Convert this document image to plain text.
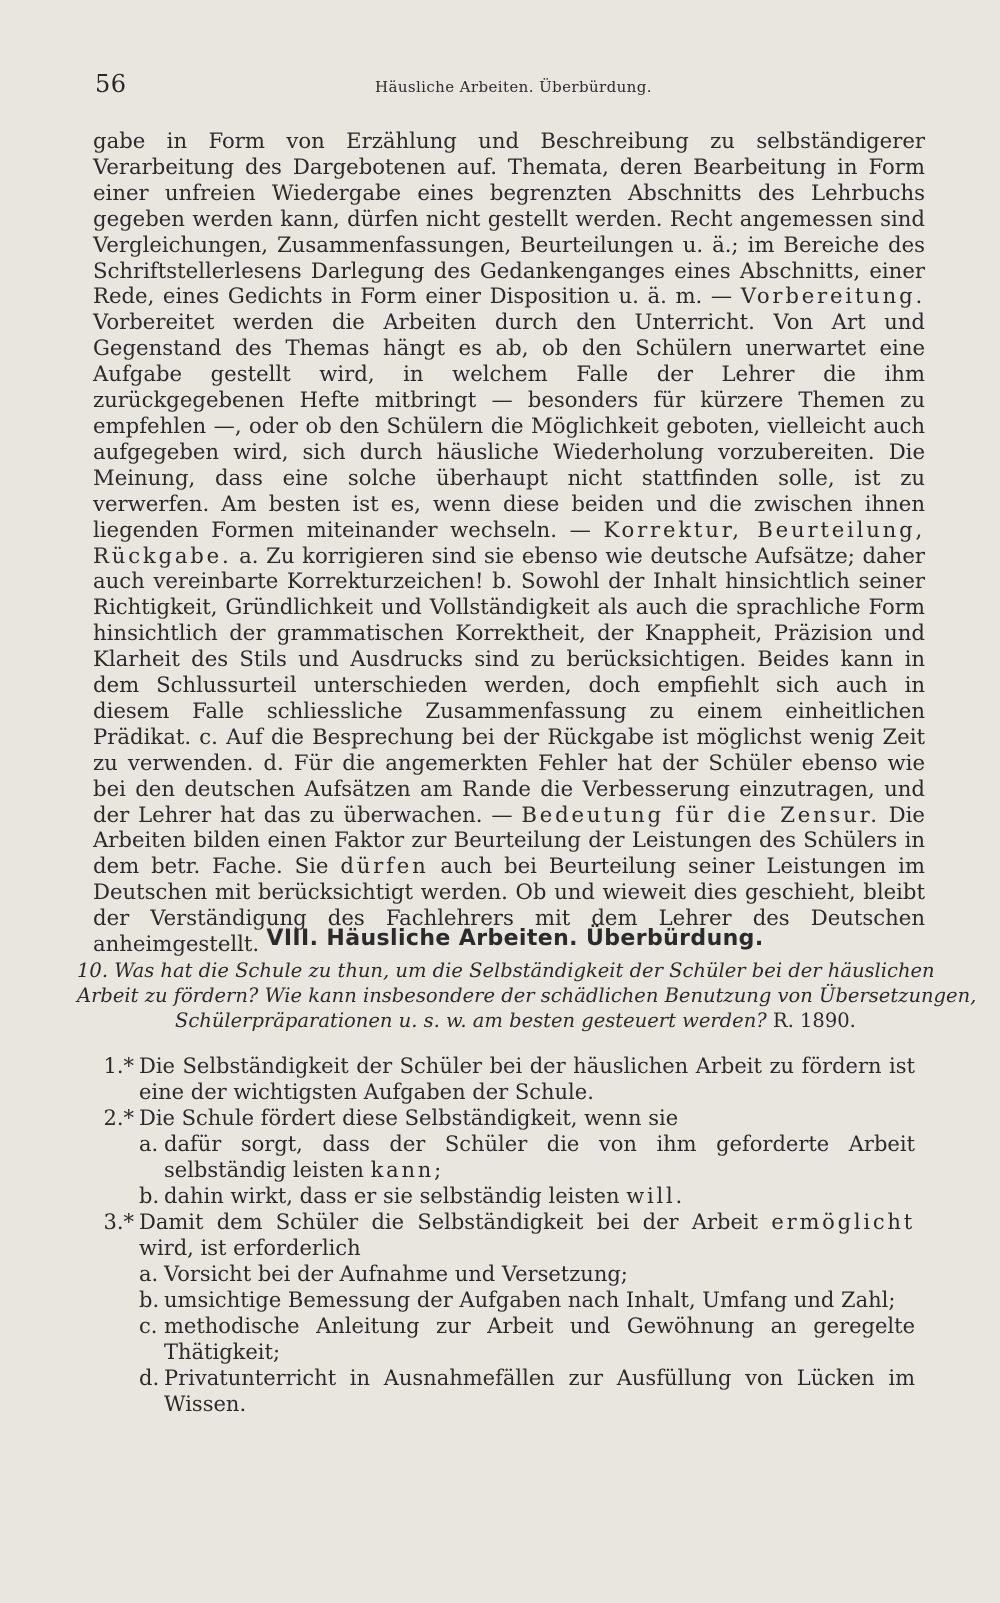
56	Häusliche Arbeiten. Überbürdung.

gabe in Form von Erzählung und Beschreibung zu selbständigerer Verarbeitung des Dargebotenen auf. Themata, deren Bearbeitung in Form einer unfreien Wiedergabe eines begrenzten Abschnitts des Lehrbuchs gegeben werden kann, dürfen nicht gestellt werden. Recht angemessen sind Vergleichungen, Zusammenfassungen, Beurteilungen u. ä.; im Bereiche des Schriftstellerlesens Darlegung des Gedankenganges eines Abschnitts, einer Rede, eines Gedichts in Form einer Disposition u. ä. m. — Vorbereitung. Vorbereitet werden die Arbeiten durch den Unterricht. Von Art und Gegenstand des Themas hängt es ab, ob den Schülern unerwartet eine Aufgabe gestellt wird, in welchem Falle der Lehrer die ihm zurückgegebenen Hefte mitbringt — besonders für kürzere Themen zu empfehlen —, oder ob den Schülern die Möglichkeit geboten, vielleicht auch aufgegeben wird, sich durch häusliche Wiederholung vorzubereiten. Die Meinung, dass eine solche überhaupt nicht stattfinden solle, ist zu verwerfen. Am besten ist es, wenn diese beiden und die zwischen ihnen liegenden Formen miteinander wechseln. — Korrektur, Beurteilung, Rückgabe. a. Zu korrigieren sind sie ebenso wie deutsche Aufsätze; daher auch vereinbarte Korrekturzeichen! b. Sowohl der Inhalt hinsichtlich seiner Richtigkeit, Gründlichkeit und Vollständigkeit als auch die sprachliche Form hinsichtlich der grammatischen Korrektheit, der Knappheit, Präzision und Klarheit des Stils und Ausdrucks sind zu berücksichtigen. Beides kann in dem Schlussurteil unterschieden werden, doch empfiehlt sich auch in diesem Falle schliessliche Zusammenfassung zu einem einheitlichen Prädikat. c. Auf die Besprechung bei der Rückgabe ist möglichst wenig Zeit zu verwenden. d. Für die angemerkten Fehler hat der Schüler ebenso wie bei den deutschen Aufsätzen am Rande die Verbesserung einzutragen, und der Lehrer hat das zu überwachen. — Bedeutung für die Zensur. Die Arbeiten bilden einen Faktor zur Beurteilung der Leistungen des Schülers in dem betr. Fache. Sie dürfen auch bei Beurteilung seiner Leistungen im Deutschen mit berücksichtigt werden. Ob und wieweit dies geschieht, bleibt der Verständigung des Fachlehrers mit dem Lehrer des Deutschen anheimgestellt. VIII. Häusliche Arbeiten. Überbürdung.
10. Was hat die Schule zu thun, um die Selbständigkeit der Schüler bei der häuslichen
Arbeit zu fördern? Wie kann insbesondere der schädlichen Benutzung von Übersetzungen,
Schülerpräparationen u. s. w. am besten gesteuert werden? R. 1890.
1.* Die Selbständigkeit der Schüler bei der häuslichen Arbeit zu fördern ist eine der wichtigsten Aufgaben der Schule.
2.* Die Schule fördert diese Selbständigkeit, wenn sie
a. dafür sorgt, dass der Schüler die von ihm geforderte Arbeit selbständig leisten kann;
b. dahin wirkt, dass er sie selbständig leisten will.
3.* Damit dem Schüler die Selbständigkeit bei der Arbeit ermöglicht wird, ist erforderlich
a. Vorsicht bei der Aufnahme und Versetzung;
b. umsichtige Bemessung der Aufgaben nach Inhalt, Umfang und Zahl;
c. methodische Anleitung zur Arbeit und Gewöhnung an geregelte Thätigkeit;
d. Privatunterricht in Ausnahmefällen zur Ausfüllung von Lücken im Wissen.
